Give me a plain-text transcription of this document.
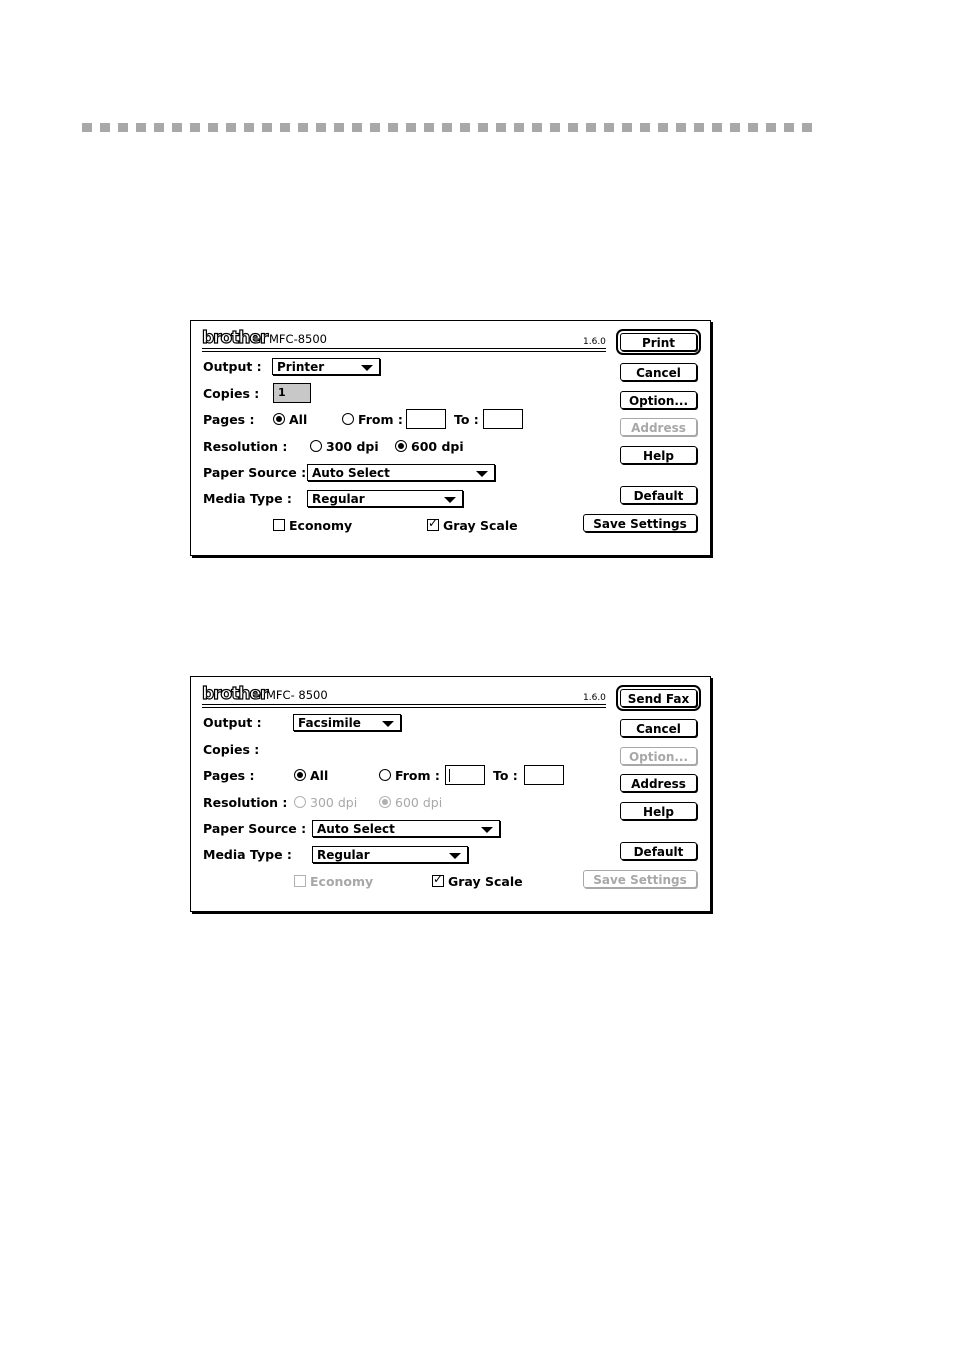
brother MFC-8500	1.6.0
Output :	Printer
Copies :	1
Pages :	All	From :	To :
Resolution :	300 dpi	600 dpi
Paper Source : Auto Select
Media Type :	Regular
Economy ✓	Gray Scale
Print
Cancel
Option...
Address
Help
Default
Save Settings
brother
MFC- 8500	1.6.0
Output :	Facsimile
Copies :
Pages :	All	From :	To :
Resolution :	300 dpi	600 dpi
Paper Source : Auto Select
Media Type :	Regular
Economy ✓	Gray Scale
Send Fax
Cancel
Option...
Address
Help
Default
Save Settings
